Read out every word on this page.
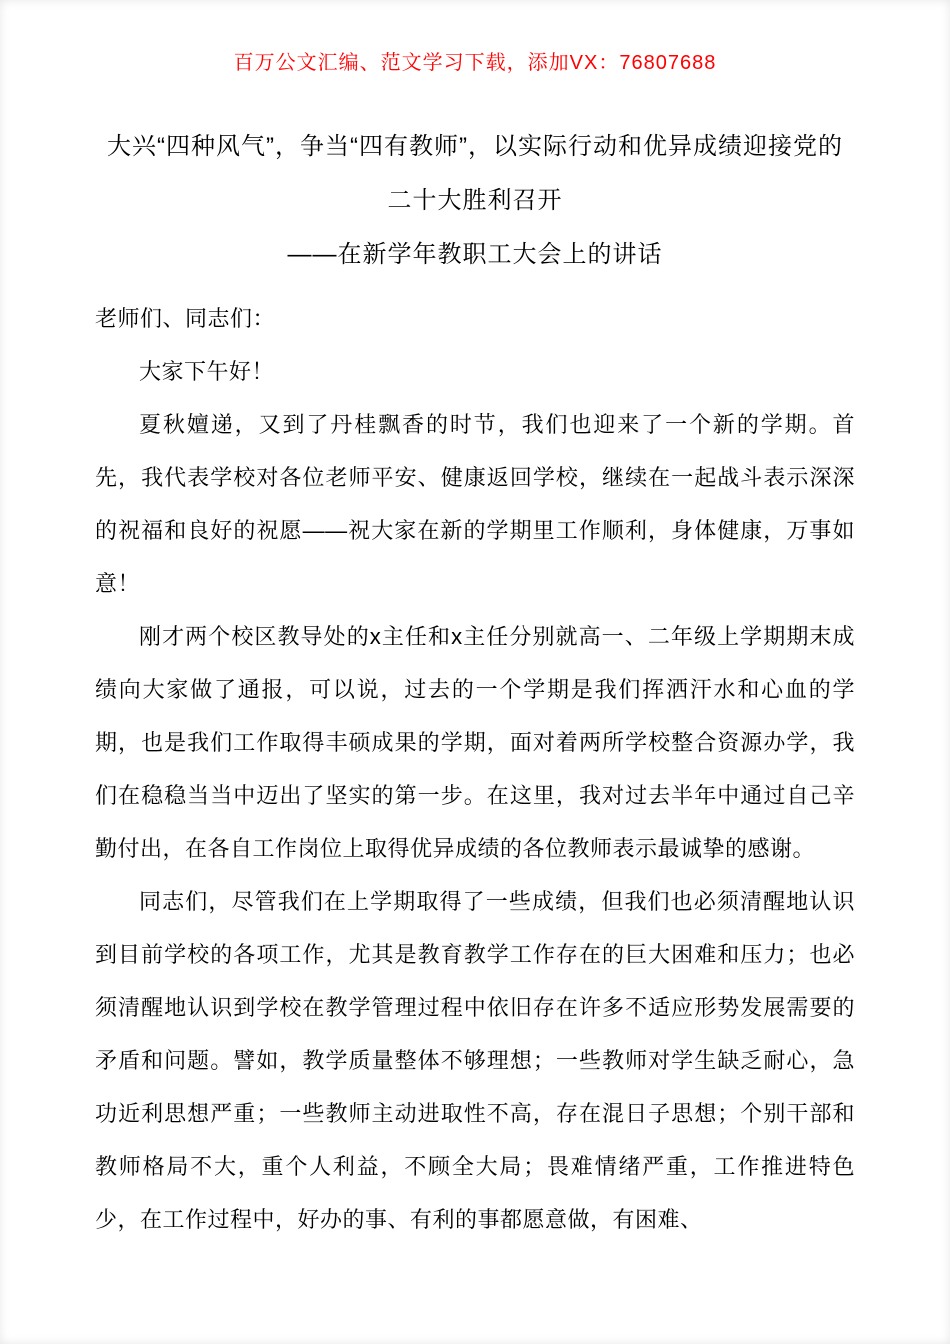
百万公文汇编、范文学习下载，添加VX：76807688
大兴“四种风气”，争当“四有教师”，以实际行动和优异成绩迎接党的二十大胜利召开
——在新学年教职工大会上的讲话

老师们、同志们：

大家下午好！

夏秋嬗递，又到了丹桂飘香的时节，我们也迎来了一个新的学期。首先，我代表学校对各位老师平安、健康返回学校，继续在一起战斗表示深深的祝福和良好的祝愿——祝大家在新的学期里工作顺利，身体健康，万事如意！

刚才两个校区教导处的x主任和x主任分别就高一、二年级上学期期末成绩向大家做了通报，可以说，过去的一个学期是我们挥洒汗水和心血的学期，也是我们工作取得丰硕成果的学期，面对着两所学校整合资源办学，我们在稳稳当当中迈出了坚实的第一步。在这里，我对过去半年中通过自己辛勤付出，在各自工作岗位上取得优异成绩的各位教师表示最诚挚的感谢。

同志们，尽管我们在上学期取得了一些成绩，但我们也必须清醒地认识到目前学校的各项工作，尤其是教育教学工作存在的巨大困难和压力；也必须清醒地认识到学校在教学管理过程中依旧存在许多不适应形势发展需要的矛盾和问题。譬如，教学质量整体不够理想；一些教师对学生缺乏耐心，急功近利思想严重；一些教师主动进取性不高，存在混日子思想；个别干部和教师格局不大，重个人利益，不顾全大局；畏难情绪严重，工作推进特色少，在工作过程中，好办的事、有利的事都愿意做，有困难、
